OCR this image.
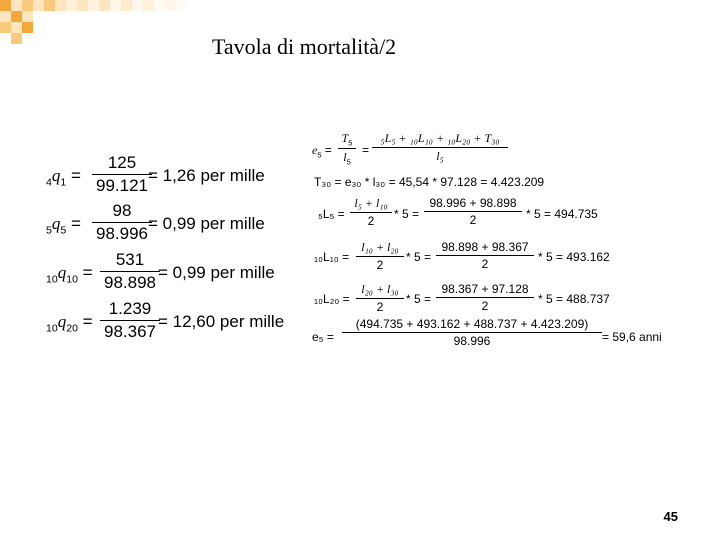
Tavola di mortalità/2
$_4q_1$ =
125
99.121
= 1,26 per mille
$_5q_5$ =
98
98.996
= 0,99 per mille
$_{10}q_{10}$ =
531
98.898
= 0,99 per mille
$_{10}q_{20}$ =
1.239
98.367
= 12,60 per mille
$e_5$ =
$T_5$
$l_5$
=
₅L₅ + ₁₀L₁₀ + ₁₀L₂₀ + T₃₀
l₅
T₃₀ = e₃₀ * l₃₀ = 45,54 * 97.128 = 4.423.209
₅L₅ =
l₅ + l₁₀
2	* 5 =
98.996 + 98.898
2	* 5 = 494.735
₁₀L₁₀ =
l₁₀ + l₂₀
2
* 5 =
98.898 + 98.367
2	* 5 = 493.162
₁₀L₂₀ =
l₂₀ + l₃₀
2
* 5 =
98.367 + 97.128
2	* 5 = 488.737
e₅ =
(494.735 + 493.162 + 488.737 + 4.423.209)
98.996	= 59,6 anni
45
